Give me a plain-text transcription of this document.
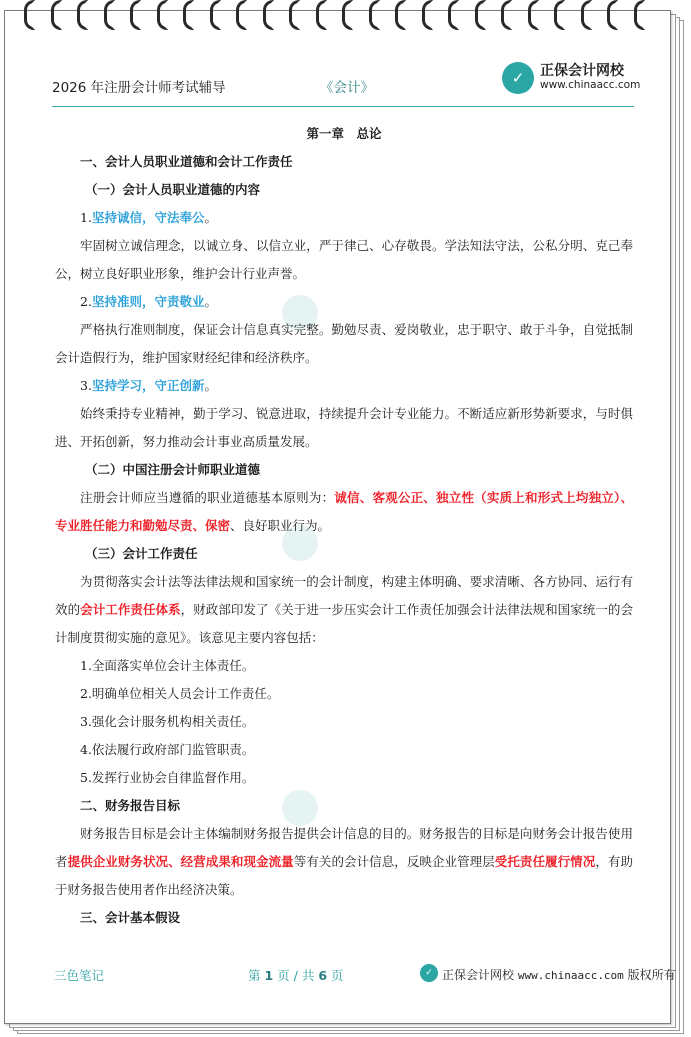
2026 年注册会计师考试辅导	《会计》
✓	正保会计网校
www.chinaacc.com

第一章　总论

一、会计人员职业道德和会计工作责任

（一）会计人员职业道德的内容

1.坚持诚信，守法奉公。

牢固树立诚信理念，以诚立身、以信立业，严于律己、心存敬畏。学法知法守法，公私分明、克己奉公，树立良好职业形象，维护会计行业声誉。

2.坚持准则，守责敬业。

严格执行准则制度，保证会计信息真实完整。勤勉尽责、爱岗敬业，忠于职守、敢于斗争，自觉抵制会计造假行为，维护国家财经纪律和经济秩序。

3.坚持学习，守正创新。

始终秉持专业精神，勤于学习、锐意进取，持续提升会计专业能力。不断适应新形势新要求，与时俱进、开拓创新，努力推动会计事业高质量发展。

（二）中国注册会计师职业道德

注册会计师应当遵循的职业道德基本原则为：诚信、客观公正、独立性（实质上和形式上均独立）、专业胜任能力和勤勉尽责、保密、良好职业行为。

（三）会计工作责任

为贯彻落实会计法等法律法规和国家统一的会计制度，构建主体明确、要求清晰、各方协同、运行有效的会计工作责任体系，财政部印发了《关于进一步压实会计工作责任加强会计法律法规和国家统一的会计制度贯彻实施的意见》。该意见主要内容包括：

1.全面落实单位会计主体责任。

2.明确单位相关人员会计工作责任。

3.强化会计服务机构相关责任。

4.依法履行政府部门监管职责。

5.发挥行业协会自律监督作用。

二、财务报告目标

财务报告目标是会计主体编制财务报告提供会计信息的目的。财务报告的目标是向财务会计报告使用者提供企业财务状况、经营成果和现金流量等有关的会计信息，反映企业管理层受托责任履行情况，有助于财务报告使用者作出经济决策。

三、会计基本假设

三色笔记	第 1 页 / 共 6 页	✓ 正保会计网校 www.chinaacc.com 版权所有
